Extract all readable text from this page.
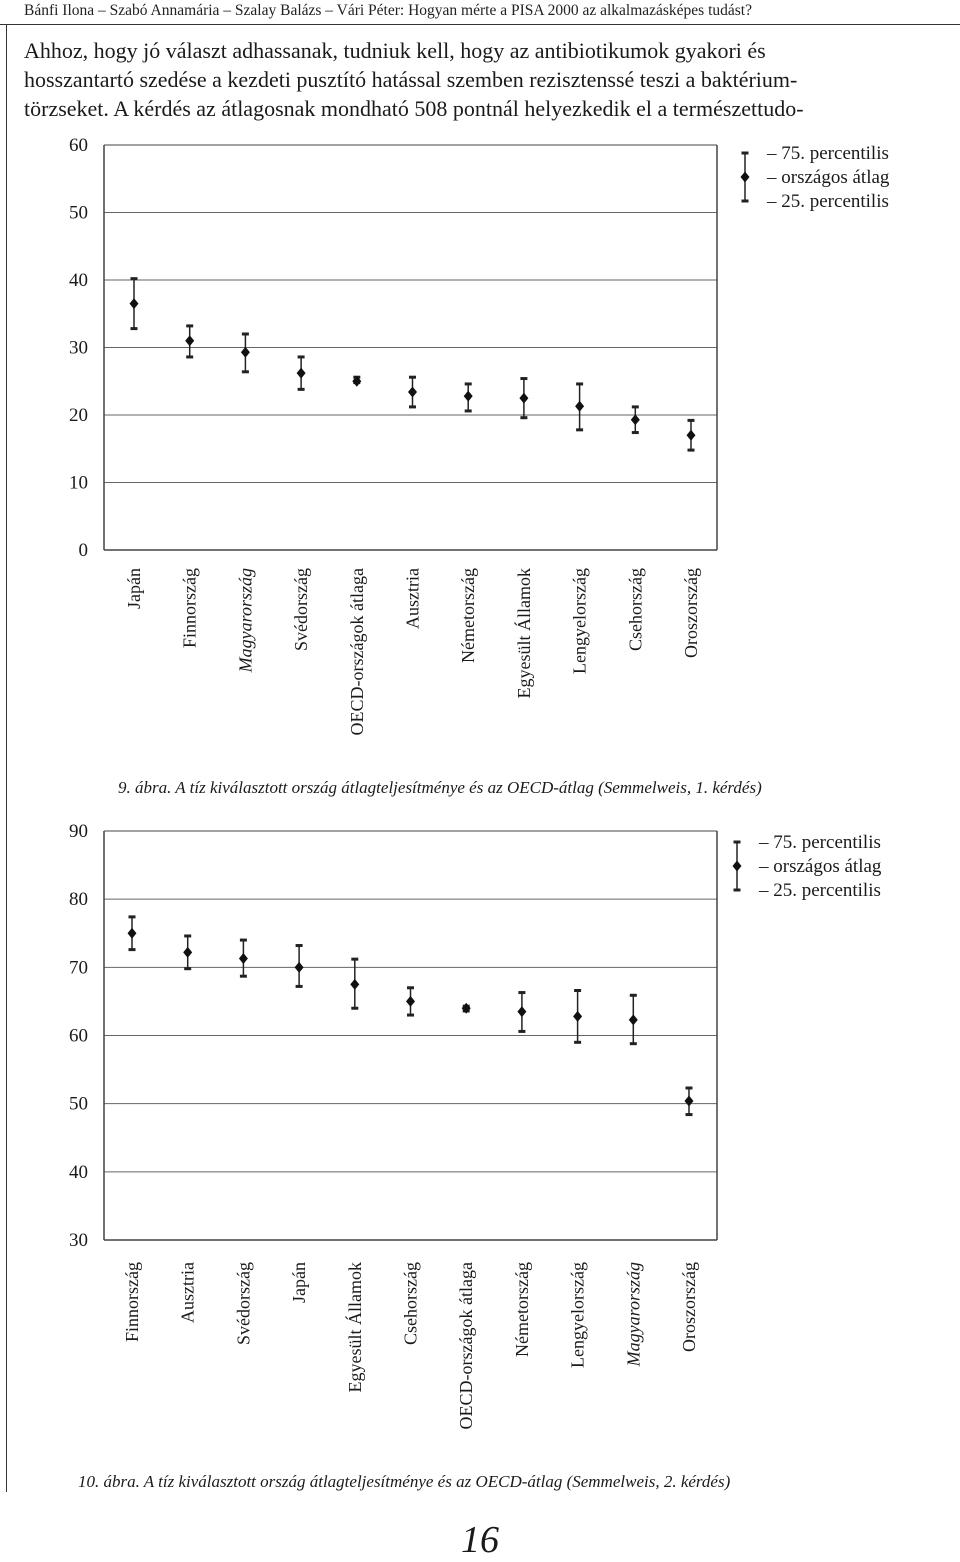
Bánfi Ilona – Szabó Annamária – Szalay Balázs – Vári Péter: Hogyan mérte a PISA 2000 az alkalmazásképes tudást?
Ahhoz, hogy jó választ adhassanak, tudniuk kell, hogy az antibiotikumok gyakori és
hosszantartó szedése a kezdeti pusztító hatással szemben rezisztenssé teszi a baktérium-
törzseket. A kérdés az átlagosnak mondható 508 pontnál helyezkedik el a természettudo-
0
10
20
30
40
50
60
Japán Finnország Magyarország Svédország OECD-országok átlaga Ausztria Németország Egyesült Államok Lengyelország Csehország Oroszország
– 75. percentilis
– országos átlag
– 25. percentilis
9. ábra. A tíz kiválasztott ország átlagteljesítménye és az OECD-átlag (Semmelweis, 1. kérdés)
30
40
50
60
70
80
90
Finnország Ausztria Svédország Japán Egyesült Államok Csehország OECD-országok átlaga Németország Lengyelország Magyarország Oroszország
– 75. percentilis
– országos átlag
– 25. percentilis
10. ábra. A tíz kiválasztott ország átlagteljesítménye és az OECD-átlag (Semmelweis, 2. kérdés)
16
